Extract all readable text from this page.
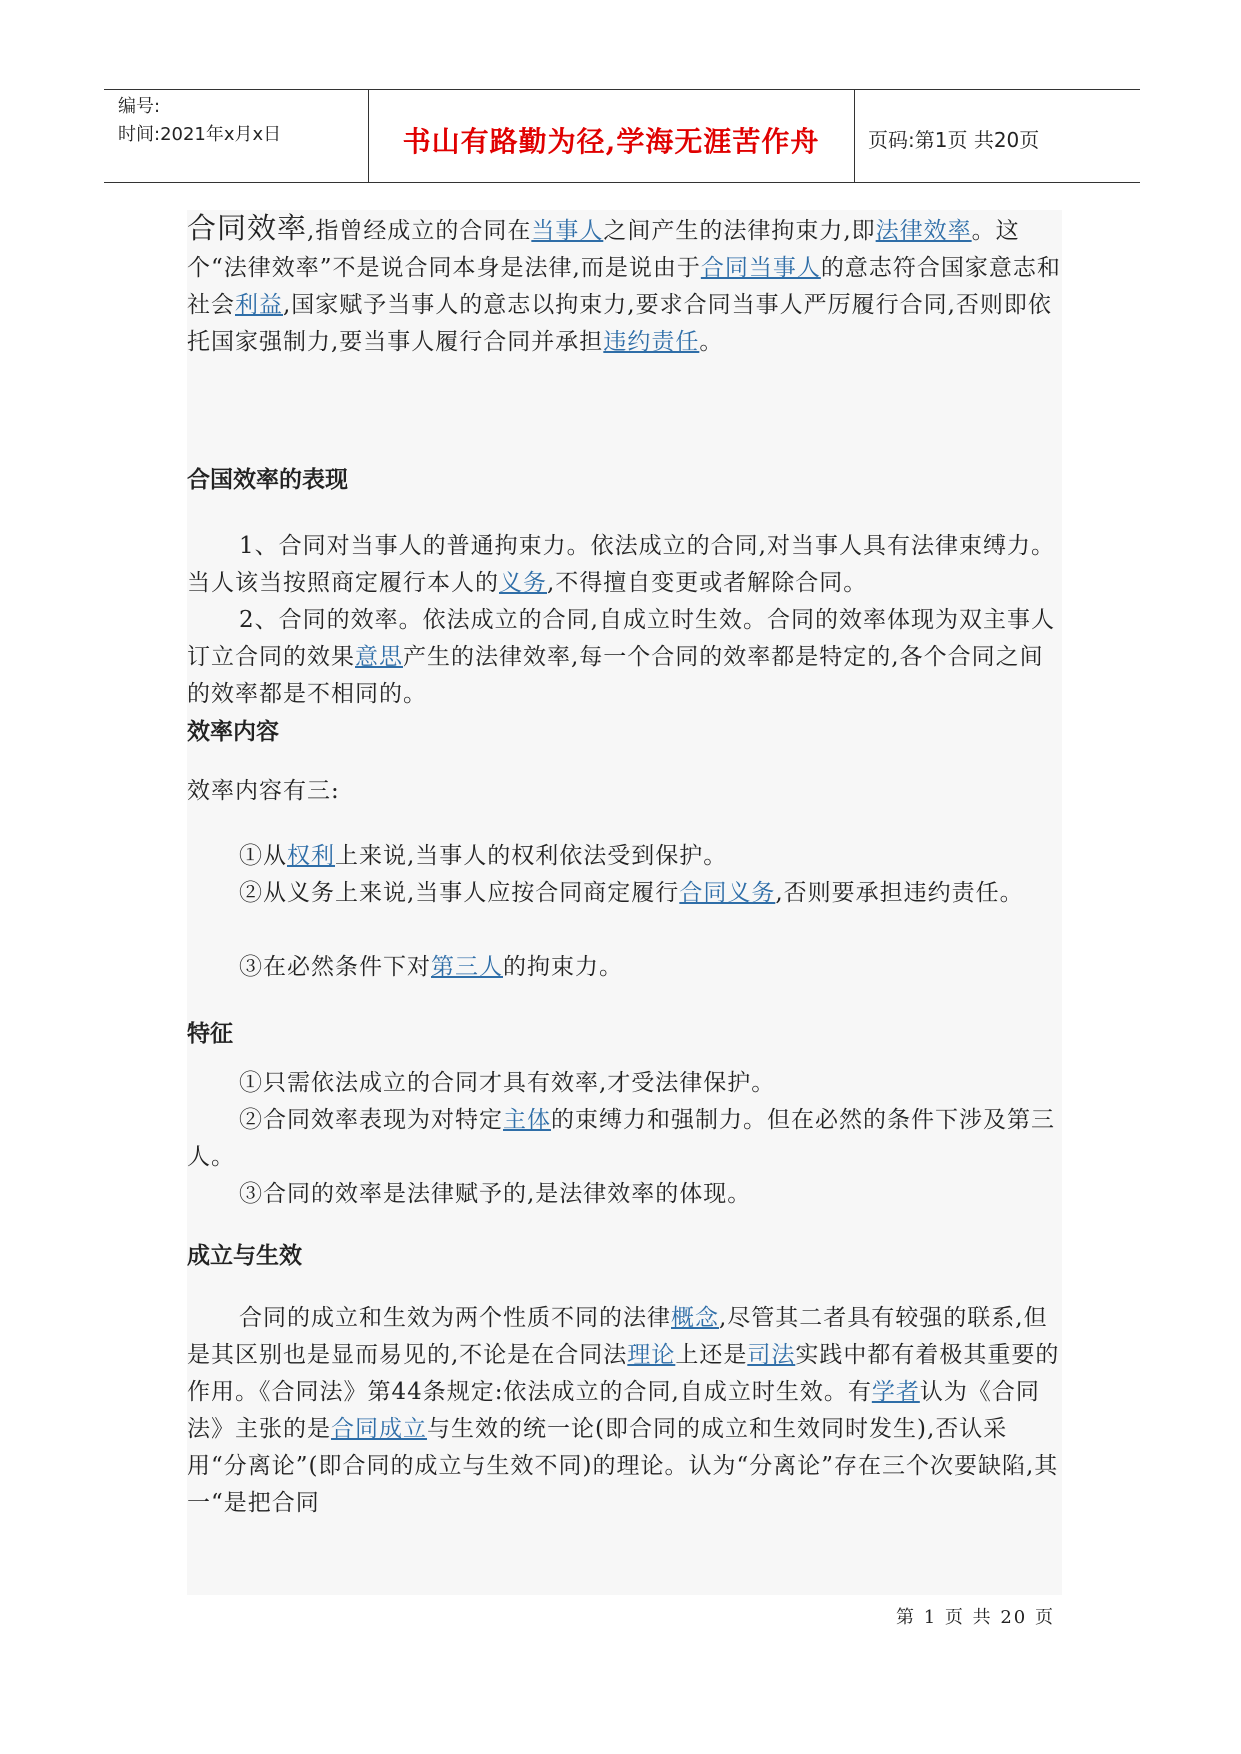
编号:
时间:2021年x月x日	书山有路勤为径,学海无涯苦作舟	页码:第1页 共20页

合同效率,指曾经成立的合同在当事人之间产生的法律拘束力,即法律效率。这个“法律效率”不是说合同本身是法律,而是说由于合同当事人的意志符合国家意志和社会利益,国家赋予当事人的意志以拘束力,要求合同当事人严厉履行合同,否则即依托国家强制力,要当事人履行合同并承担违约责任。

合国效率的表现

1、合同对当事人的普通拘束力。依法成立的合同,对当事人具有法律束缚力。当人该当按照商定履行本人的义务,不得擅自变更或者解除合同。

2、合同的效率。依法成立的合同,自成立时生效。合同的效率体现为双主事人订立合同的效果意思产生的法律效率,每一个合同的效率都是特定的,各个合同之间的效率都是不相同的。

效率内容

效率内容有三:

①从权利上来说,当事人的权利依法受到保护。

②从义务上来说,当事人应按合同商定履行合同义务,否则要承担违约责任。

③在必然条件下对第三人的拘束力。

特征

①只需依法成立的合同才具有效率,才受法律保护。

②合同效率表现为对特定主体的束缚力和强制力。但在必然的条件下涉及第三人。

③合同的效率是法律赋予的,是法律效率的体现。

成立与生效

合同的成立和生效为两个性质不同的法律概念,尽管其二者具有较强的联系,但是其区别也是显而易见的,不论是在合同法理论上还是司法实践中都有着极其重要的作用。《合同法》第44条规定:依法成立的合同,自成立时生效。有学者认为《合同法》主张的是合同成立与生效的统一论(即合同的成立和生效同时发生),否认采用“分离论”(即合同的成立与生效不同)的理论。认为“分离论”存在三个次要缺陷,其一“是把合同

第 1 页 共 20 页
